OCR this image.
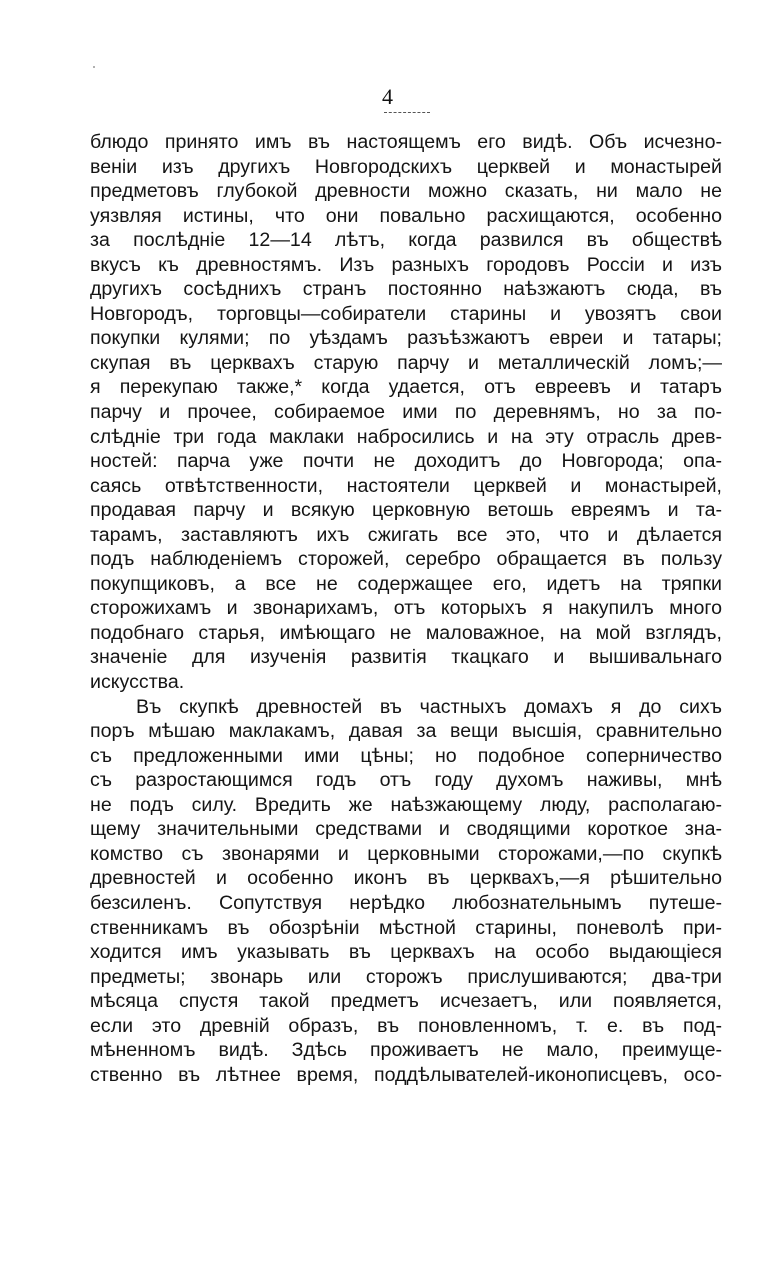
4
блюдо принято имъ въ настоящемъ его видѣ. Объ исчезно-
веніи изъ другихъ Новгородскихъ церквей и монастырей
предметовъ глубокой древности можно сказать, ни мало не
уязвляя истины, что они повально расхищаются, особенно
за послѣдніе 12—14 лѣтъ, когда развился въ обществѣ
вкусъ къ древностямъ. Изъ разныхъ городовъ Россіи и изъ
другихъ сосѣднихъ странъ постоянно наѣзжаютъ сюда, въ
Новгородъ, торговцы—собиратели старины и увозятъ свои
покупки кулями; по уѣздамъ разъѣзжаютъ евреи и татары;
скупая въ церквахъ старую парчу и металлическій ломъ;—
я перекупаю также,* когда удается, отъ евреевъ и татаръ
парчу и прочее, собираемое ими по деревнямъ, но за по-
слѣдніе три года маклаки набросились и на эту отрасль древ-
ностей: парча уже почти не доходитъ до Новгорода; опа-
саясь отвѣтственности, настоятели церквей и монастырей,
продавая парчу и всякую церковную ветошь евреямъ и та-
тарамъ, заставляютъ ихъ сжигать все это, что и дѣлается
подъ наблюденіемъ сторожей, серебро обращается въ пользу
покупщиковъ, а все не содержащее его, идетъ на тряпки
сторожихамъ и звонарихамъ, отъ которыхъ я накупилъ много
подобнаго старья, имѣющаго не маловажное, на мой взглядъ,
значеніе для изученія развитія ткацкаго и вышивальнаго
искусства.
Въ скупкѣ древностей въ частныхъ домахъ я до сихъ
поръ мѣшаю маклакамъ, давая за вещи высшія, сравнительно
съ предложенными ими цѣны; но подобное соперничество
съ разростающимся годъ отъ году духомъ наживы, мнѣ
не подъ силу. Вредить же наѣзжающему люду, располагаю-
щему значительными средствами и сводящими короткое зна-
комство съ звонарями и церковными сторожами,—по скупкѣ
древностей и особенно иконъ въ церквахъ,—я рѣшительно
безсиленъ. Сопутствуя нерѣдко любознательнымъ путеше-
ственникамъ въ обозрѣніи мѣстной старины, поневолѣ при-
ходится имъ указывать въ церквахъ на особо выдающіеся
предметы; звонарь или сторожъ прислушиваются; два-три
мѣсяца спустя такой предметъ исчезаетъ, или появляется,
если это древній образъ, въ поновленномъ, т. е. въ под-
мѣненномъ видѣ. Здѣсь проживаетъ не мало, преимуще-
ственно въ лѣтнее время, поддѣлывателей-иконописцевъ, осо-
